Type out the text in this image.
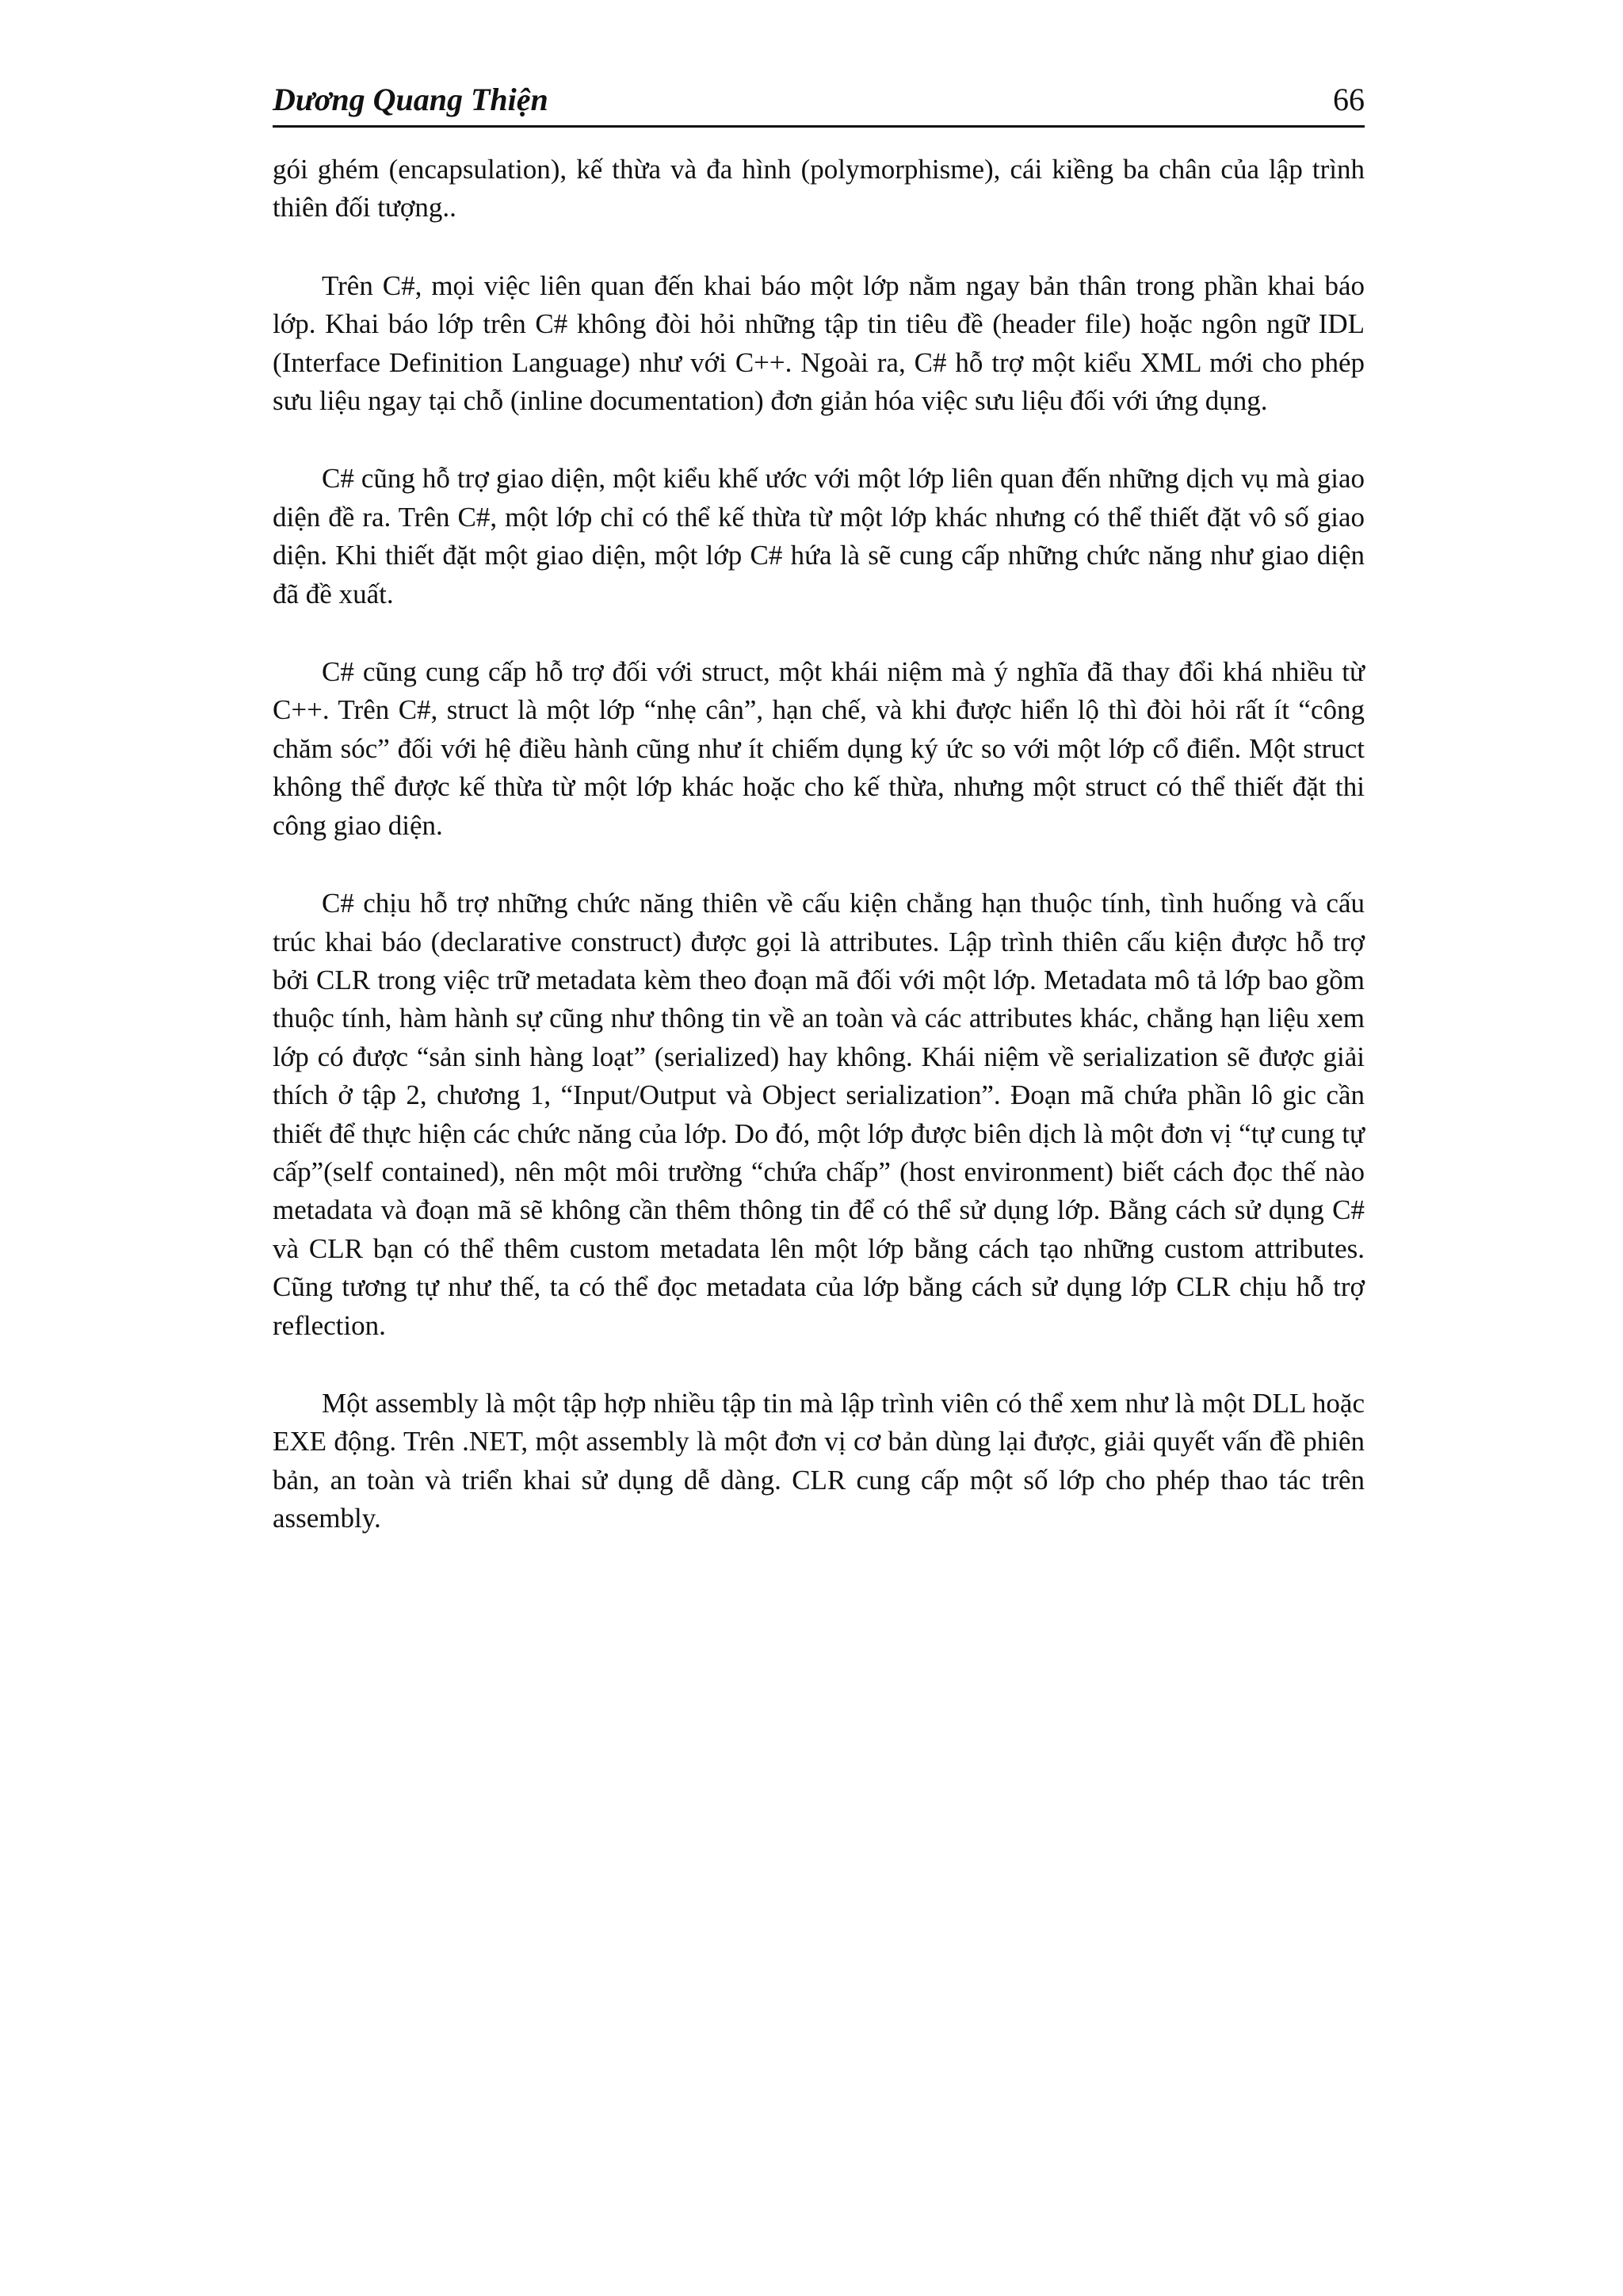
Dương Quang Thiện	66

gói ghém (encapsulation), kế thừa và đa hình (polymorphisme), cái kiềng ba chân của lập trình thiên đối tượng..

Trên C#, mọi việc liên quan đến khai báo một lớp nằm ngay bản thân trong phần khai báo lớp. Khai báo lớp trên C# không đòi hỏi những tập tin tiêu đề (header file) hoặc ngôn ngữ IDL (Interface Definition Language) như với C++. Ngoài ra, C# hỗ trợ một kiểu XML mới cho phép sưu liệu ngay tại chỗ (inline documentation) đơn giản hóa việc sưu liệu đối với ứng dụng.

C# cũng hỗ trợ giao diện, một kiểu khế ước với một lớp liên quan đến những dịch vụ mà giao diện đề ra. Trên C#, một lớp chỉ có thể kế thừa từ một lớp khác nhưng có thể thiết đặt vô số giao diện. Khi thiết đặt một giao diện, một lớp C# hứa là sẽ cung cấp những chức năng như giao diện đã đề xuất.

C# cũng cung cấp hỗ trợ đối với struct, một khái niệm mà ý nghĩa đã thay đổi khá nhiều từ C++. Trên C#, struct là một lớp “nhẹ cân”, hạn chế, và khi được hiển lộ thì đòi hỏi rất ít “công chăm sóc” đối với hệ điều hành cũng như ít chiếm dụng ký ức so với một lớp cổ điển. Một struct không thể được kế thừa từ một lớp khác hoặc cho kế thừa, nhưng một struct có thể thiết đặt thi công giao diện.

C# chịu hỗ trợ những chức năng thiên về cấu kiện chẳng hạn thuộc tính, tình huống và cấu trúc khai báo (declarative construct) được gọi là attributes. Lập trình thiên cấu kiện được hỗ trợ bởi CLR trong việc trữ metadata kèm theo đoạn mã đối với một lớp. Metadata mô tả lớp bao gồm thuộc tính, hàm hành sự cũng như thông tin về an toàn và các attributes khác, chẳng hạn liệu xem lớp có được “sản sinh hàng loạt” (serialized) hay không. Khái niệm về serialization sẽ được giải thích ở tập 2, chương 1, “Input/Output và Object serialization”. Đoạn mã chứa phần lô gic cần thiết để thực hiện các chức năng của lớp. Do đó, một lớp được biên dịch là một đơn vị “tự cung tự cấp”(self contained), nên một môi trường “chứa chấp” (host environment) biết cách đọc thế nào metadata và đoạn mã sẽ không cần thêm thông tin để có thể sử dụng lớp. Bằng cách sử dụng C# và CLR bạn có thể thêm custom metadata lên một lớp bằng cách tạo những custom attributes. Cũng tương tự như thế, ta có thể đọc metadata của lớp bằng cách sử dụng lớp CLR chịu hỗ trợ reflection.

Một assembly là một tập hợp nhiều tập tin mà lập trình viên có thể xem như là một DLL hoặc EXE động. Trên .NET, một assembly là một đơn vị cơ bản dùng lại được, giải quyết vấn đề phiên bản, an toàn và triển khai sử dụng dễ dàng. CLR cung cấp một số lớp cho phép thao tác trên assembly.
